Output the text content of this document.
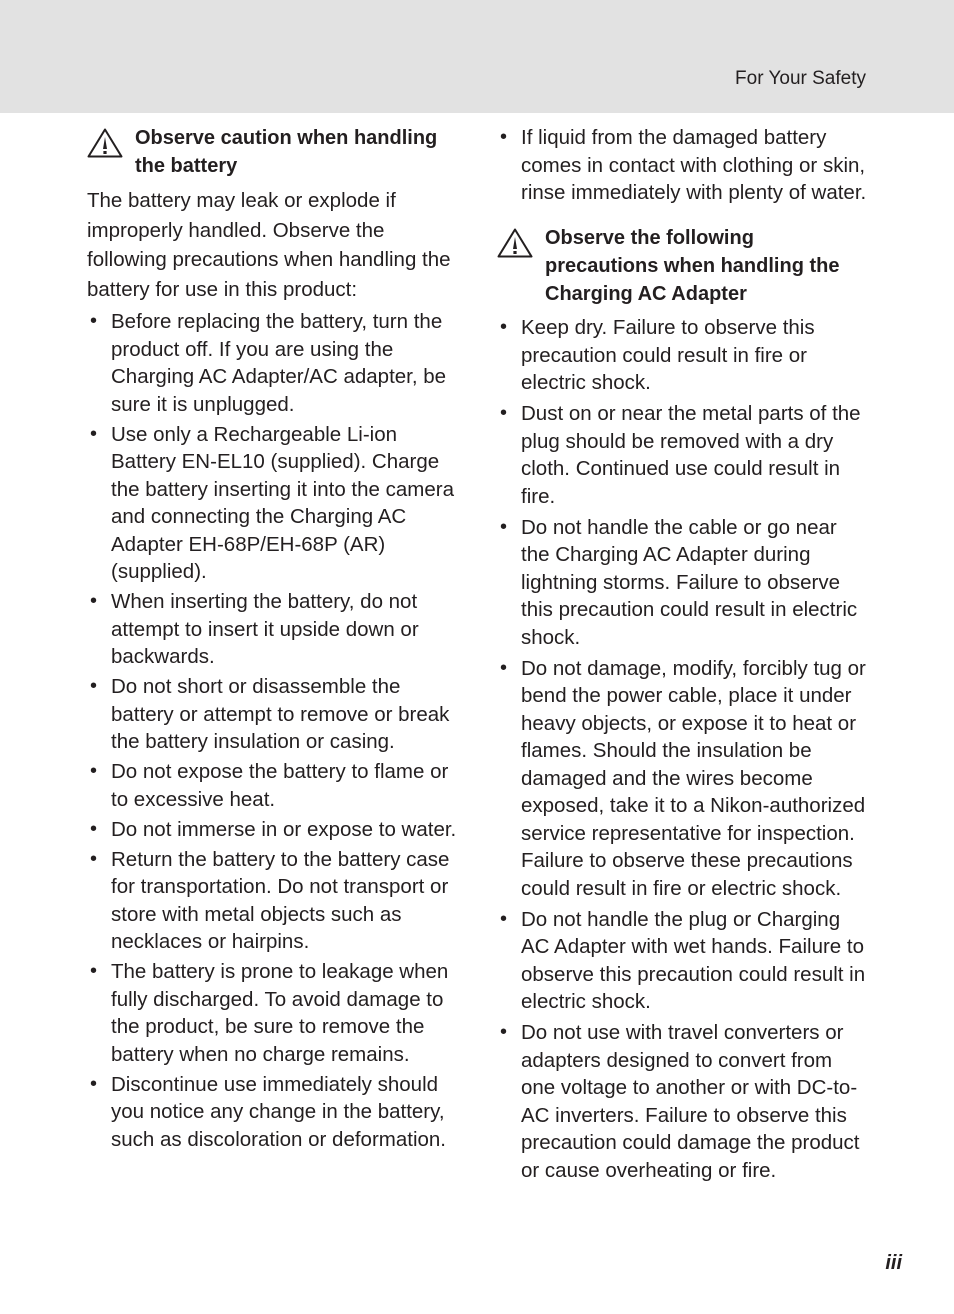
For Your Safety
Observe caution when handling the battery

The battery may leak or explode if improperly handled. Observe the following precautions when handling the battery for use in this product:

• Before replacing the battery, turn the product off. If you are using the Charging AC Adapter/AC adapter, be sure it is unplugged.
• Use only a Rechargeable Li-ion Battery EN-EL10 (supplied). Charge the battery inserting it into the camera and connecting the Charging AC Adapter EH-68P/EH-68P (AR) (supplied).
• When inserting the battery, do not attempt to insert it upside down or backwards.
• Do not short or disassemble the battery or attempt to remove or break the battery insulation or casing.
• Do not expose the battery to flame or to excessive heat.
• Do not immerse in or expose to water.
• Return the battery to the battery case for transportation. Do not transport or store with metal objects such as necklaces or hairpins.
• The battery is prone to leakage when fully discharged. To avoid damage to the product, be sure to remove the battery when no charge remains.
• Discontinue use immediately should you notice any change in the battery, such as discoloration or deformation.
• If liquid from the damaged battery comes in contact with clothing or skin, rinse immediately with plenty of water.
Observe the following precautions when handling the Charging AC Adapter
• Keep dry. Failure to observe this precaution could result in fire or electric shock.
• Dust on or near the metal parts of the plug should be removed with a dry cloth. Continued use could result in fire.
• Do not handle the cable or go near the Charging AC Adapter during lightning storms. Failure to observe this precaution could result in electric shock.
• Do not damage, modify, forcibly tug or bend the power cable, place it under heavy objects, or expose it to heat or flames. Should the insulation be damaged and the wires become exposed, take it to a Nikon-authorized service representative for inspection. Failure to observe these precautions could result in fire or electric shock.
• Do not handle the plug or Charging AC Adapter with wet hands. Failure to observe this precaution could result in electric shock.
• Do not use with travel converters or adapters designed to convert from one voltage to another or with DC-to-AC inverters. Failure to observe this precaution could damage the product or cause overheating or fire.
iii
